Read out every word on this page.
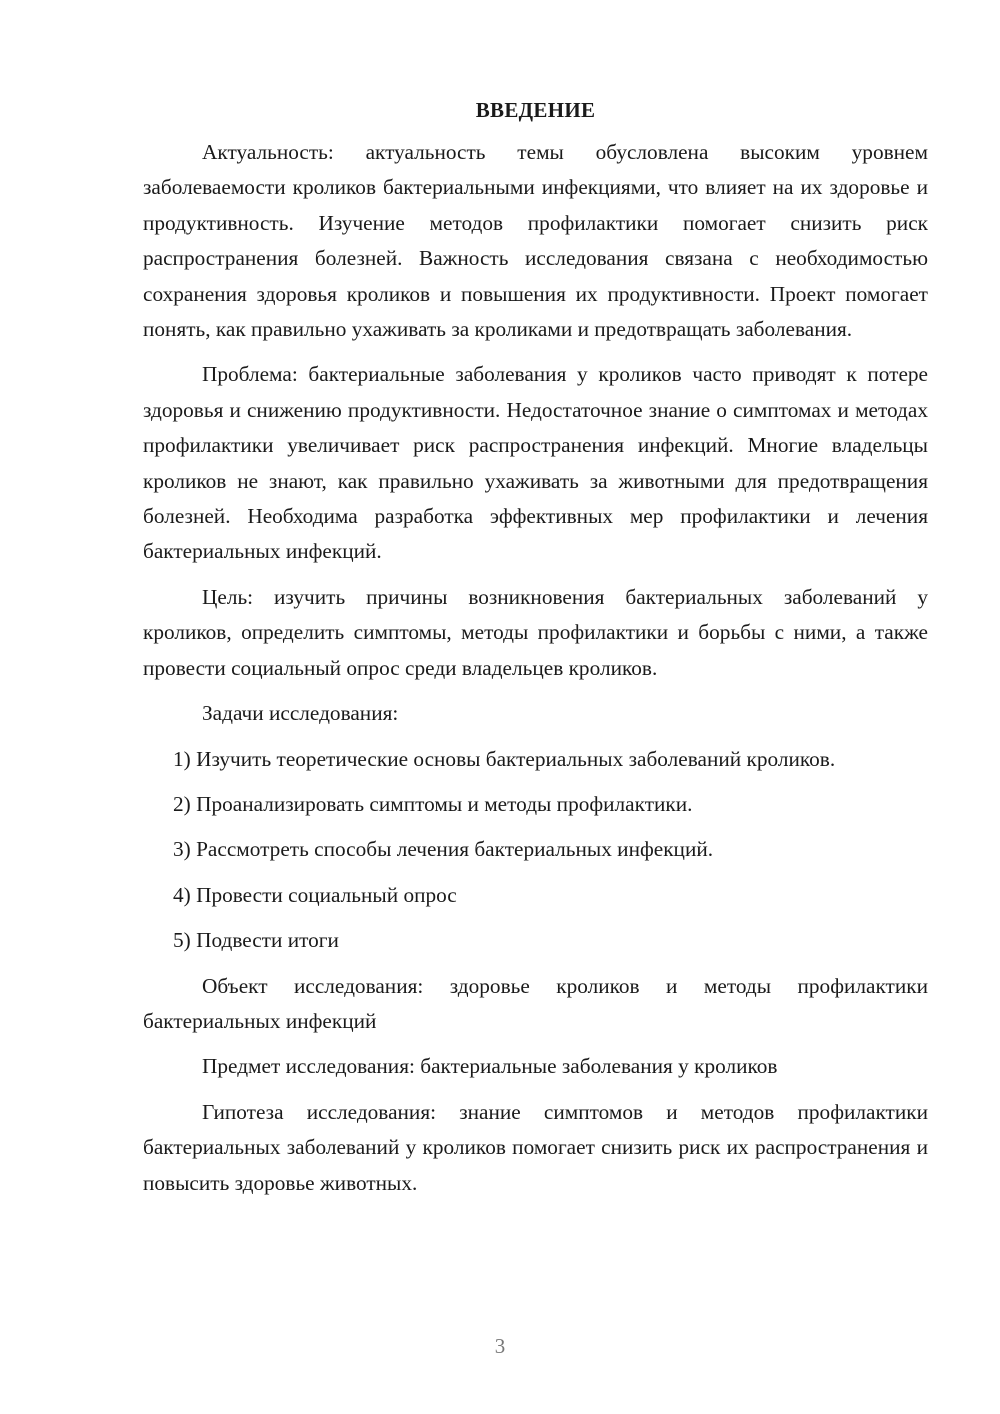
ВВЕДЕНИЕ

Актуальность: актуальность темы обусловлена высоким уровнем заболеваемости кроликов бактериальными инфекциями, что влияет на их здоровье и продуктивность. Изучение методов профилактики помогает снизить риск распространения болезней. Важность исследования связана с необходимостью сохранения здоровья кроликов и повышения их продуктивности. Проект помогает понять, как правильно ухаживать за кроликами и предотвращать заболевания.

Проблема: бактериальные заболевания у кроликов часто приводят к потере здоровья и снижению продуктивности. Недостаточное знание о симптомах и методах профилактики увеличивает риск распространения инфекций. Многие владельцы кроликов не знают, как правильно ухаживать за животными для предотвращения болезней. Необходима разработка эффективных мер профилактики и лечения бактериальных инфекций.

Цель: изучить причины возникновения бактериальных заболеваний у кроликов, определить симптомы, методы профилактики и борьбы с ними, а также провести социальный опрос среди владельцев кроликов.

Задачи исследования:

1) Изучить теоретические основы бактериальных заболеваний кроликов.

2) Проанализировать симптомы и методы профилактики.

3) Рассмотреть способы лечения бактериальных инфекций.

4) Провести социальный опрос

5) Подвести итоги

Объект исследования: здоровье кроликов и методы профилактики бактериальных инфекций

Предмет исследования: бактериальные заболевания у кроликов

Гипотеза исследования: знание симптомов и методов профилактики бактериальных заболеваний у кроликов помогает снизить риск их распространения и повысить здоровье животных.

3
